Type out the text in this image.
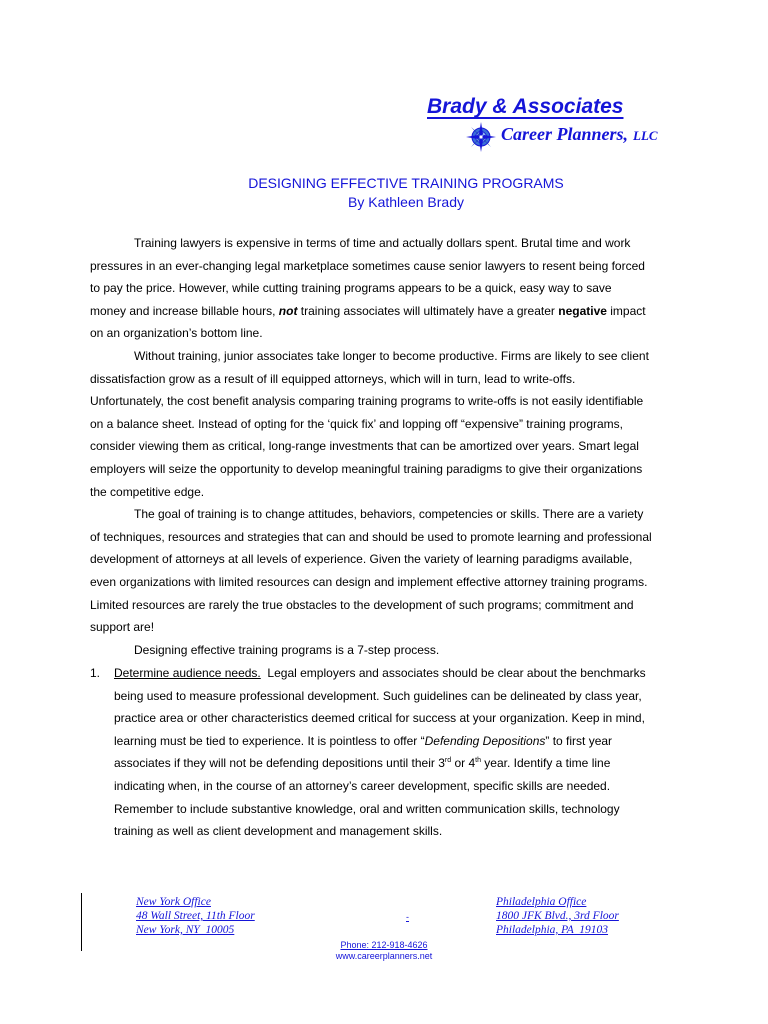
Brady & Associates
Career Planners, LLC
DESIGNING EFFECTIVE TRAINING PROGRAMS
By Kathleen Brady

Training lawyers is expensive in terms of time and actually dollars spent. Brutal time and work

pressures in an ever-changing legal marketplace sometimes cause senior lawyers to resent being forced

to pay the price. However, while cutting training programs appears to be a quick, easy way to save

money and increase billable hours, not training associates will ultimately have a greater negative impact

on an organization’s bottom line.

Without training, junior associates take longer to become productive. Firms are likely to see client

dissatisfaction grow as a result of ill equipped attorneys, which will in turn, lead to write-offs.

Unfortunately, the cost benefit analysis comparing training programs to write-offs is not easily identifiable

on a balance sheet. Instead of opting for the ‘quick fix’ and lopping off “expensive” training programs,

consider viewing them as critical, long-range investments that can be amortized over years. Smart legal

employers will seize the opportunity to develop meaningful training paradigms to give their organizations

the competitive edge.

The goal of training is to change attitudes, behaviors, competencies or skills. There are a variety

of techniques, resources and strategies that can and should be used to promote learning and professional

development of attorneys at all levels of experience. Given the variety of learning paradigms available,

even organizations with limited resources can design and implement effective attorney training programs.

Limited resources are rarely the true obstacles to the development of such programs; commitment and

support are!

Designing effective training programs is a 7-step process.

1. Determine audience needs.  Legal employers and associates should be clear about the benchmarks

being used to measure professional development. Such guidelines can be delineated by class year,

practice area or other characteristics deemed critical for success at your organization. Keep in mind,

learning must be tied to experience. It is pointless to offer “Defending Depositions” to first year

associates if they will not be defending depositions until their 3rd or 4th year. Identify a time line

indicating when, in the course of an attorney’s career development, specific skills are needed.

Remember to include substantive knowledge, oral and written communication skills, technology

training as well as client development and management skills.

New York Office
48 Wall Street, 11th Floor
New York, NY  10005
-
Philadelphia Office
1800 JFK Blvd., 3rd Floor
Philadelphia, PA  19103
Phone: 212-918-4626
www.careerplanners.net
